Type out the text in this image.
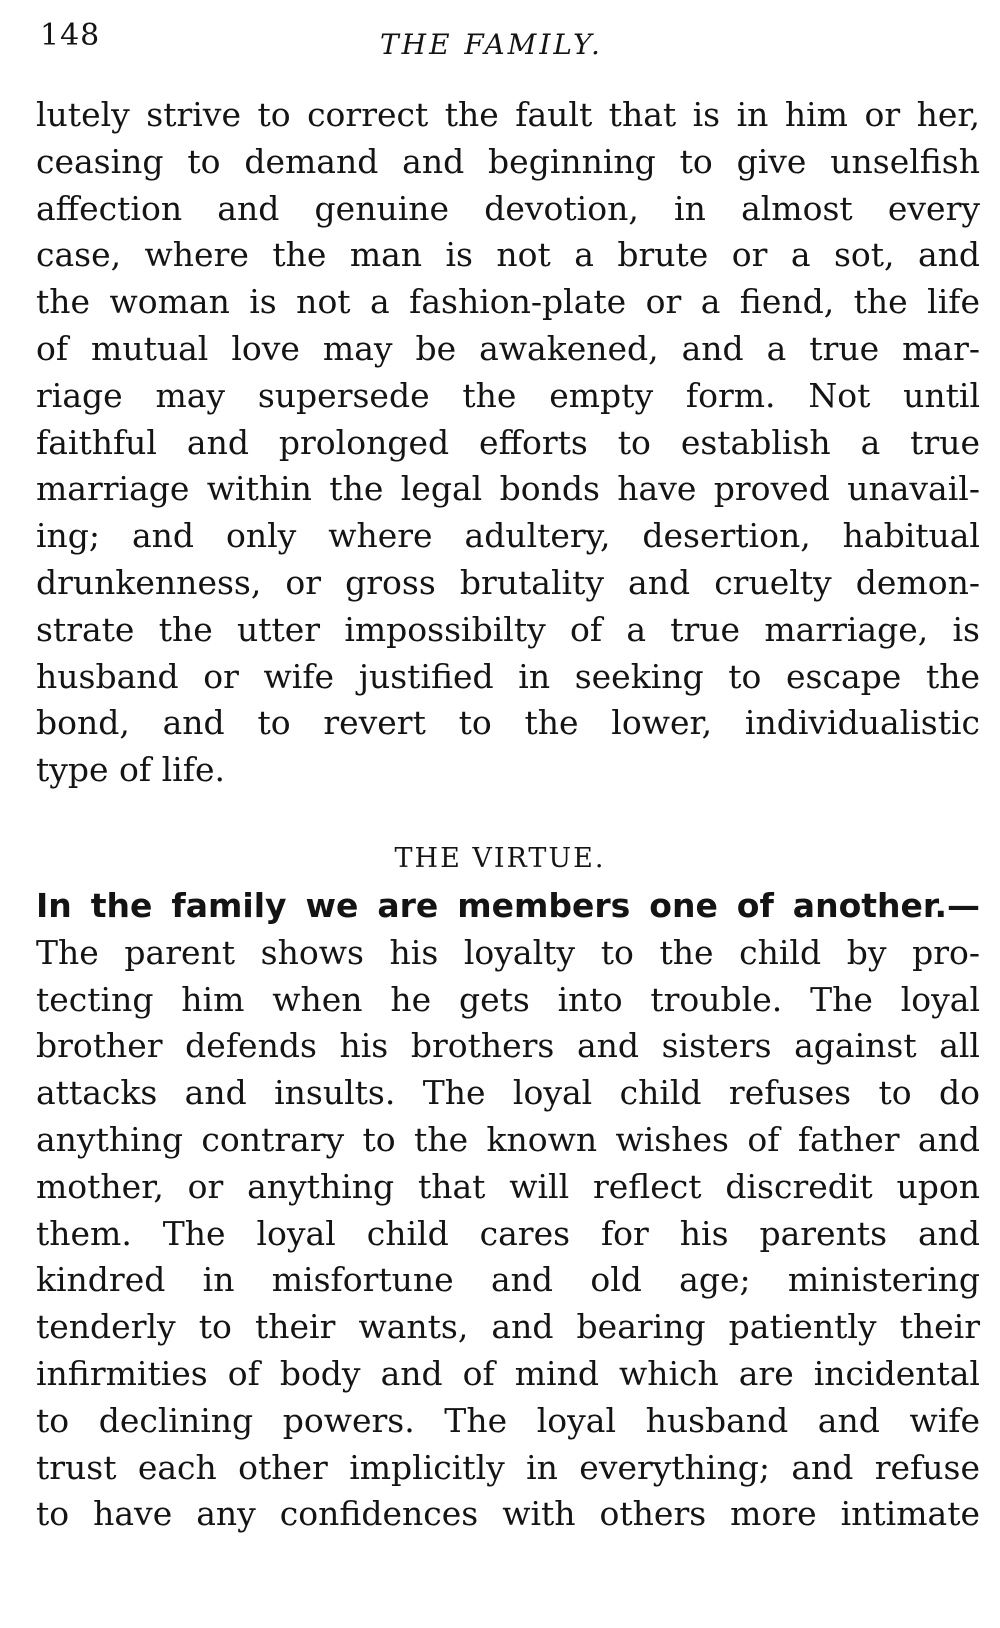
148	THE FAMILY.
lutely strive to correct the fault that is in him or her,
ceasing to demand and beginning to give unselfish
affection and genuine devotion, in almost every
case, where the man is not a brute or a sot, and
the woman is not a fashion-plate or a fiend, the life
of mutual love may be awakened, and a true mar-
riage may supersede the empty form. Not until
faithful and prolonged efforts to establish a true
marriage within the legal bonds have proved unavail-
ing; and only where adultery, desertion, habitual
drunkenness, or gross brutality and cruelty demon-
strate the utter impossibilty of a true marriage, is
husband or wife justified in seeking to escape the
bond, and to revert to the lower, individualistic
type of life.
THE VIRTUE.
In the family we are members one of another.—
The parent shows his loyalty to the child by pro-
tecting him when he gets into trouble. The loyal
brother defends his brothers and sisters against all
attacks and insults. The loyal child refuses to do
anything contrary to the known wishes of father and
mother, or anything that will reflect discredit upon
them. The loyal child cares for his parents and
kindred in misfortune and old age; ministering
tenderly to their wants, and bearing patiently their
infirmities of body and of mind which are incidental
to declining powers. The loyal husband and wife
trust each other implicitly in everything; and refuse
to have any confidences with others more intimate
